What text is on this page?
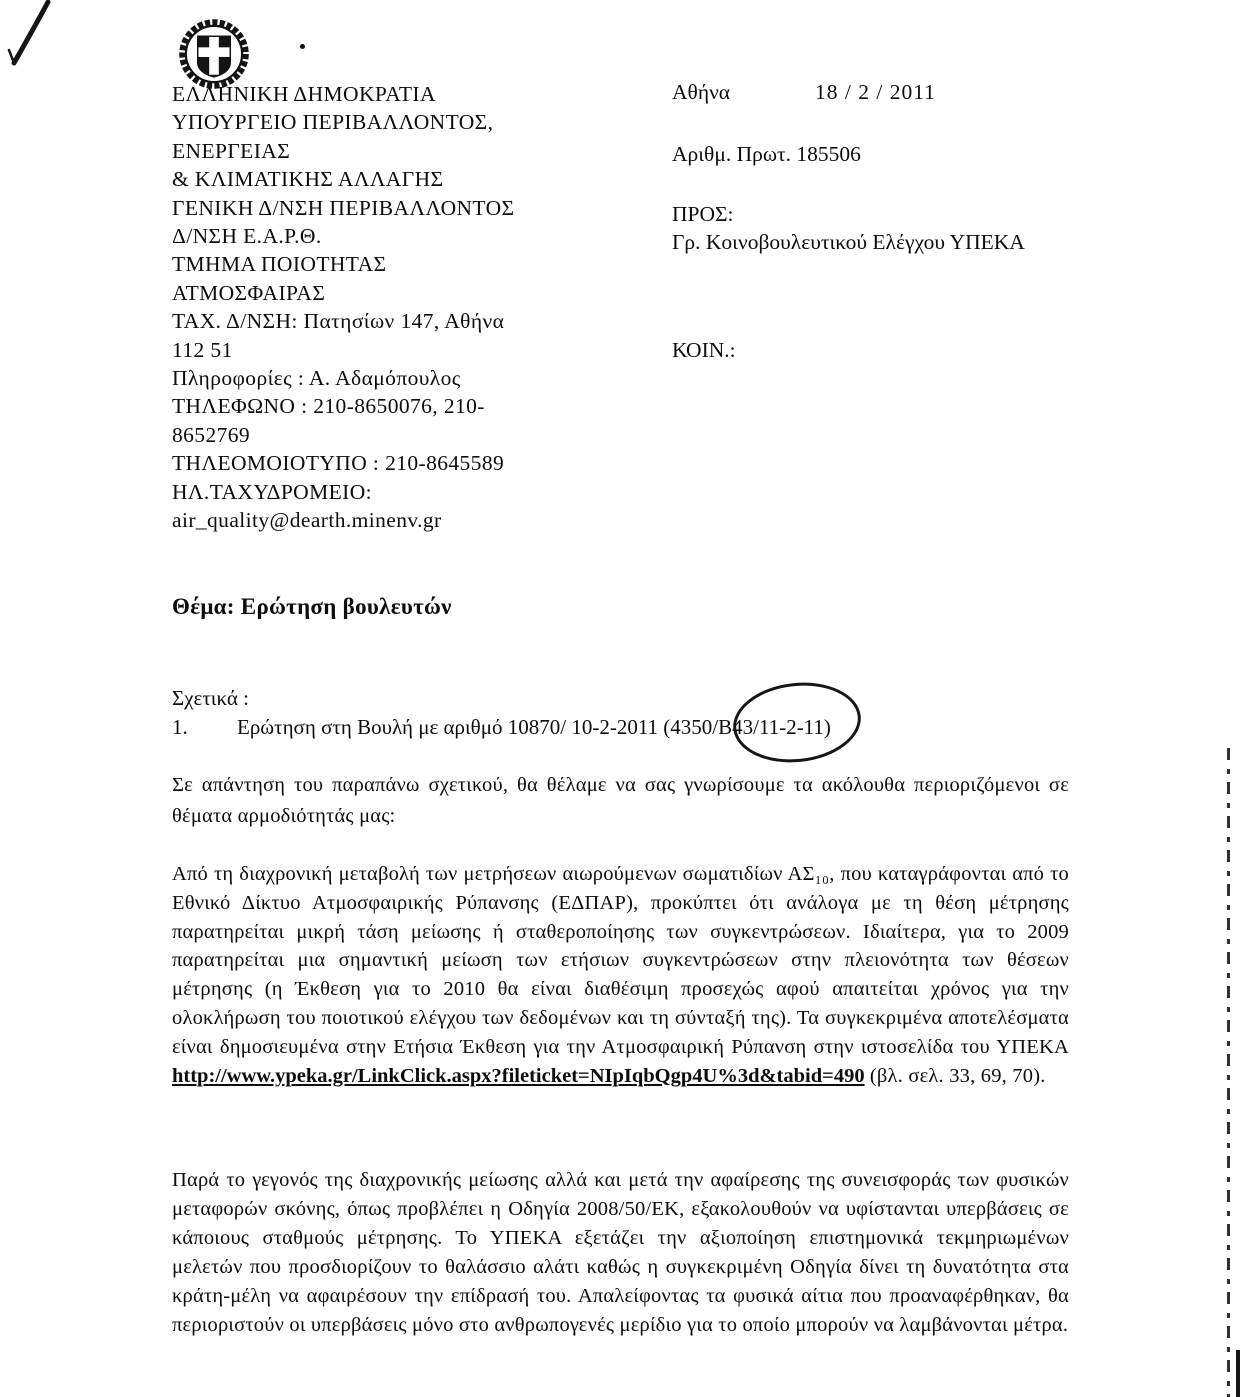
ΕΛΛΗΝΙΚΗ ΔΗΜΟΚΡΑΤΙΑ
ΥΠΟΥΡΓΕΙΟ ΠΕΡΙΒΑΛΛΟΝΤΟΣ,
ΕΝΕΡΓΕΙΑΣ
& ΚΛΙΜΑΤΙΚΗΣ ΑΛΛΑΓΗΣ
ΓΕΝΙΚΗ Δ/ΝΣΗ ΠΕΡΙΒΑΛΛΟΝΤΟΣ
Δ/ΝΣΗ Ε.Α.Ρ.Θ.
ΤΜΗΜΑ ΠΟΙΟΤΗΤΑΣ
ΑΤΜΟΣΦΑΙΡΑΣ
ΤΑΧ. Δ/ΝΣΗ: Πατησίων 147, Αθήνα
112 51
Πληροφορίες : Α. Αδαμόπουλος
ΤΗΛΕΦΩΝΟ : 210-8650076, 210-
8652769
ΤΗΛΕΟΜΟΙΟΤΥΠΟ : 210-8645589
ΗΛ.ΤΑΧΥΔΡΟΜΕΙΟ:
air_quality@dearth.minenv.gr
Αθήνα	18 / 2 / 2011
Αριθμ. Πρωτ. 185506
ΠΡΟΣ:
Γρ. Κοινοβουλευτικού Ελέγχου ΥΠΕΚΑ
ΚΟΙΝ.:
Θέμα: Ερώτηση βουλευτών
Σχετικά :
1. Ερώτηση στη Βουλή με αριθμό 10870/ 10-2-2011 (4350/Β43/11-2-11)
Σε απάντηση του παραπάνω σχετικού, θα θέλαμε να σας γνωρίσουμε τα ακόλουθα περιοριζόμενοι σε θέματα αρμοδιότητάς μας:
Από τη διαχρονική μεταβολή των μετρήσεων αιωρούμενων σωματιδίων ΑΣ₁₀, που καταγράφονται από το Εθνικό Δίκτυο Ατμοσφαιρικής Ρύπανσης (ΕΔΠΑΡ), προκύπτει ότι ανάλογα με τη θέση μέτρησης παρατηρείται μικρή τάση μείωσης ή σταθεροποίησης των συγκεντρώσεων. Ιδιαίτερα, για το 2009 παρατηρείται μια σημαντική μείωση των ετήσιων συγκεντρώσεων στην πλειονότητα των θέσεων μέτρησης (η Έκθεση για το 2010 θα είναι διαθέσιμη προσεχώς αφού απαιτείται χρόνος για την ολοκλήρωση του ποιοτικού ελέγχου των δεδομένων και τη σύνταξή της). Τα συγκεκριμένα αποτελέσματα είναι δημοσιευμένα στην Ετήσια Έκθεση για την Ατμοσφαιρική Ρύπανση στην ιστοσελίδα του ΥΠΕΚΑ http://www.ypeka.gr/LinkClick.aspx?fileticket=NIpIqbQgp4U%3d&tabid=490 (βλ. σελ. 33, 69, 70).
Παρά το γεγονός της διαχρονικής μείωσης αλλά και μετά την αφαίρεσης της συνεισφοράς των φυσικών μεταφορών σκόνης, όπως προβλέπει η Οδηγία 2008/50/ΕΚ, εξακολουθούν να υφίστανται υπερβάσεις σε κάποιους σταθμούς μέτρησης. Το ΥΠΕΚΑ εξετάζει την αξιοποίηση επιστημονικά τεκμηριωμένων μελετών που προσδιορίζουν το θαλάσσιο αλάτι καθώς η συγκεκριμένη Οδηγία δίνει τη δυνατότητα στα κράτη-μέλη να αφαιρέσουν την επίδρασή του. Απαλείφοντας τα φυσικά αίτια που προαναφέρθηκαν, θα περιοριστούν οι υπερβάσεις μόνο στο ανθρωπογενές μερίδιο για το οποίο μπορούν να λαμβάνονται μέτρα.
